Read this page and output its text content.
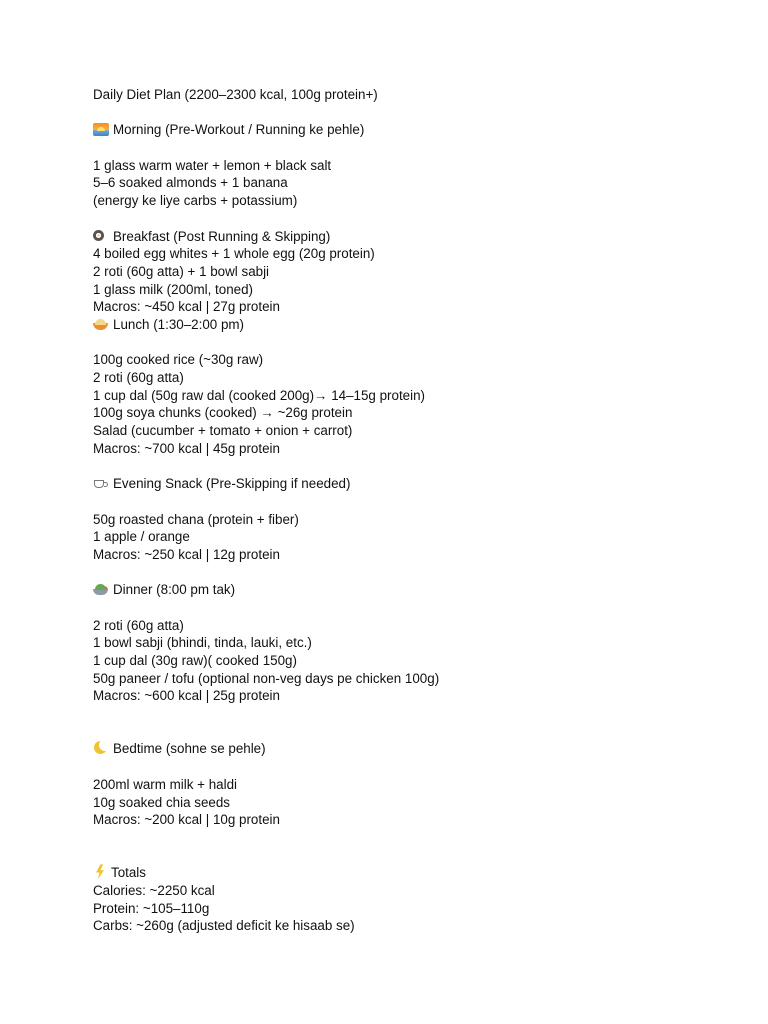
Daily Diet Plan (2200–2300 kcal, 100g protein+)
Morning (Pre-Workout / Running ke pehle)
1 glass warm water + lemon + black salt
5–6 soaked almonds + 1 banana
(energy ke liye carbs + potassium)
Breakfast (Post Running & Skipping)
4 boiled egg whites + 1 whole egg (20g protein)
2 roti (60g atta) + 1 bowl sabji
1 glass milk (200ml, toned)
Macros: ~450 kcal | 27g protein
Lunch (1:30–2:00 pm)
100g cooked rice (~30g raw)
2 roti (60g atta)
1 cup dal (50g raw dal (cooked 200g)→ 14–15g protein)
100g soya chunks (cooked) → ~26g protein
Salad (cucumber + tomato + onion + carrot)
Macros: ~700 kcal | 45g protein
Evening Snack (Pre-Skipping if needed)
50g roasted chana (protein + fiber)
1 apple / orange
Macros: ~250 kcal | 12g protein
Dinner (8:00 pm tak)
2 roti (60g atta)
1 bowl sabji (bhindi, tinda, lauki, etc.)
1 cup dal (30g raw)( cooked 150g)
50g paneer / tofu (optional non-veg days pe chicken 100g)
Macros: ~600 kcal | 25g protein
Bedtime (sohne se pehle)
200ml warm milk + haldi
10g soaked chia seeds
Macros: ~200 kcal | 10g protein
Totals
Calories: ~2250 kcal
Protein: ~105–110g
Carbs: ~260g (adjusted deficit ke hisaab se)
